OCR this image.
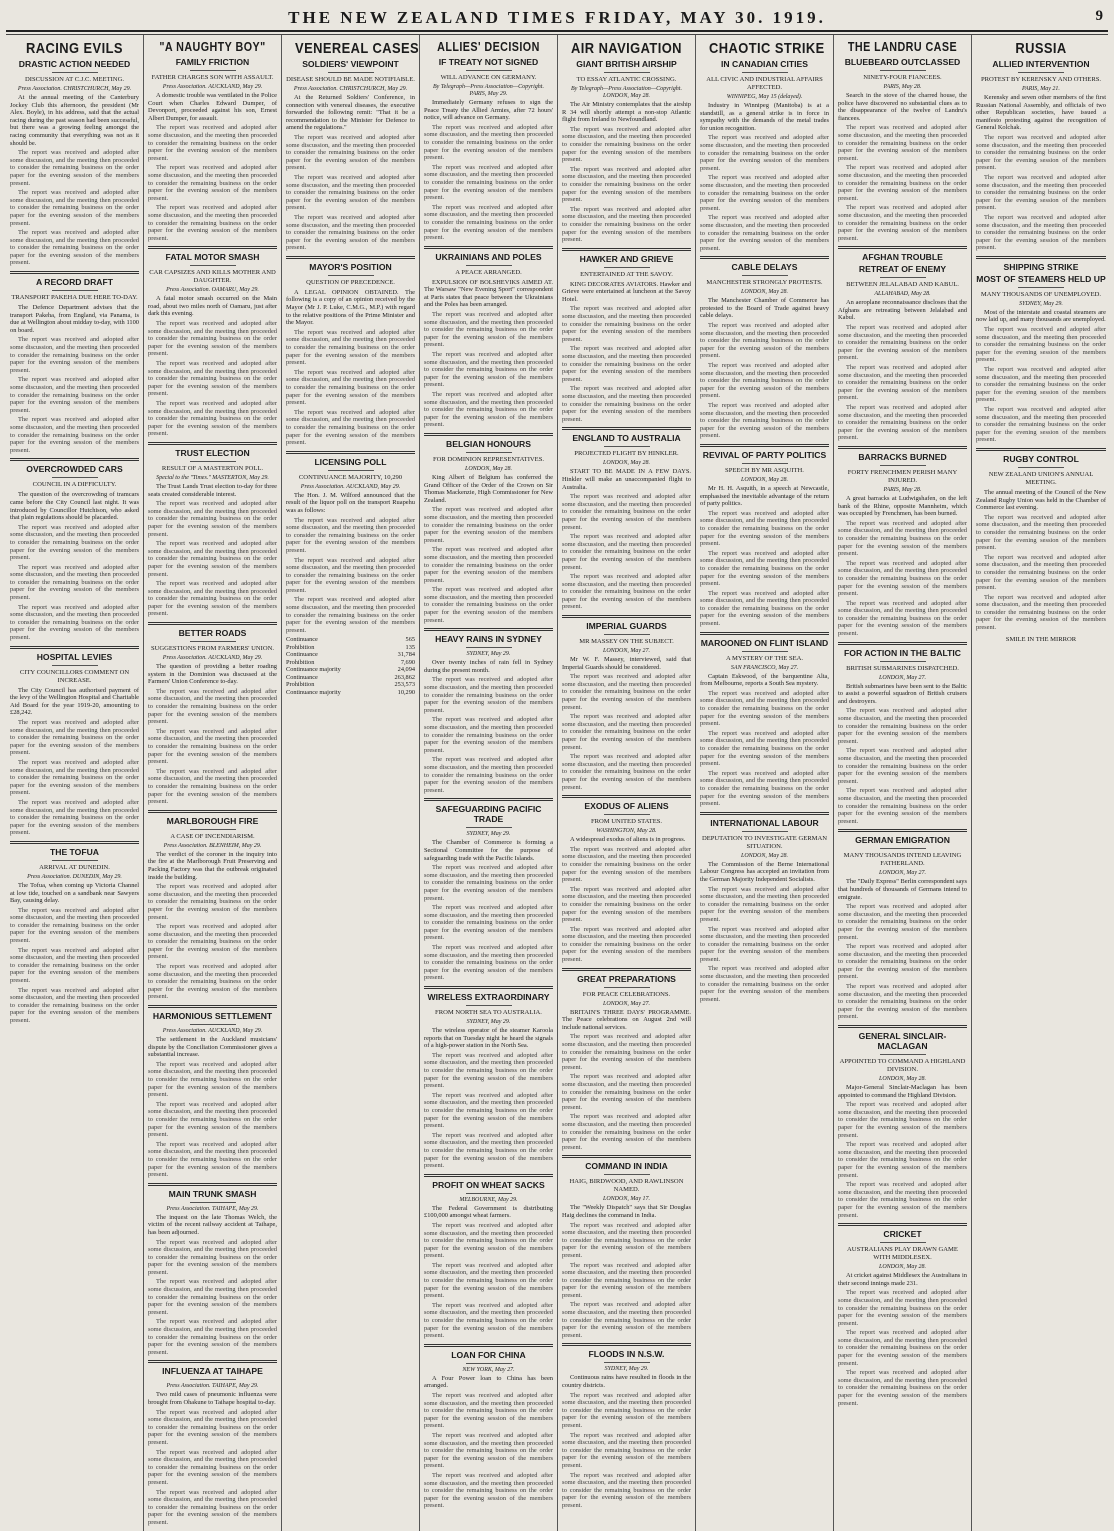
THE NEW ZEALAND TIMES FRIDAY, MAY 30. 1919.	9
RACING EVILS
DRASTIC ACTION NEEDED
DISCUSSION AT C.J.C. MEETING.
Press Association. CHRISTCHURCH, May 29.

At the annual meeting of the Canterbury Jockey Club this afternoon, the president (Mr Alex. Boyle), in his address, said that the actual racing during the past season had been successful, but there was a growing feeling amongst the racing community that everything was not as it should be.

The report was received and adopted after some discussion, and the meeting then proceeded to consider the remaining business on the order paper for the evening session of the members present.

The report was received and adopted after some discussion, and the meeting then proceeded to consider the remaining business on the order paper for the evening session of the members present.

The report was received and adopted after some discussion, and the meeting then proceeded to consider the remaining business on the order paper for the evening session of the members present.

A RECORD DRAFT
TRANSPORT PAKEHA DUE HERE TO-DAY.

The Defence Department advises that the transport Pakeha, from England, via Panama, is due at Wellington about midday to-day, with 1100 on board.

The report was received and adopted after some discussion, and the meeting then proceeded to consider the remaining business on the order paper for the evening session of the members present.

The report was received and adopted after some discussion, and the meeting then proceeded to consider the remaining business on the order paper for the evening session of the members present.

The report was received and adopted after some discussion, and the meeting then proceeded to consider the remaining business on the order paper for the evening session of the members present.

OVERCROWDED CARS
COUNCIL IN A DIFFICULTY.

The question of the overcrowding of tramcars came before the City Council last night. It was introduced by Councillor Hutchison, who asked that plain regulations should be placarded.

The report was received and adopted after some discussion, and the meeting then proceeded to consider the remaining business on the order paper for the evening session of the members present.

The report was received and adopted after some discussion, and the meeting then proceeded to consider the remaining business on the order paper for the evening session of the members present.

The report was received and adopted after some discussion, and the meeting then proceeded to consider the remaining business on the order paper for the evening session of the members present.

HOSPITAL LEVIES
CITY COUNCILLORS COMMENT ON INCREASE.

The City Council has authorised payment of the levy of the Wellington Hospital and Charitable Aid Board for the year 1919-20, amounting to £28,242.

The report was received and adopted after some discussion, and the meeting then proceeded to consider the remaining business on the order paper for the evening session of the members present.

The report was received and adopted after some discussion, and the meeting then proceeded to consider the remaining business on the order paper for the evening session of the members present.

The report was received and adopted after some discussion, and the meeting then proceeded to consider the remaining business on the order paper for the evening session of the members present.

THE TOFUA
ARRIVAL AT DUNEDIN.
Press Association. DUNEDIN, May 29.

The Tofua, when coming up Victoria Channel at low tide, touched on a sandbank near Sawyers Bay, causing delay.

The report was received and adopted after some discussion, and the meeting then proceeded to consider the remaining business on the order paper for the evening session of the members present.

The report was received and adopted after some discussion, and the meeting then proceeded to consider the remaining business on the order paper for the evening session of the members present.

The report was received and adopted after some discussion, and the meeting then proceeded to consider the remaining business on the order paper for the evening session of the members present.

"A NAUGHTY BOY"
FAMILY FRICTION
FATHER CHARGES SON WITH ASSAULT.
Press Association. AUCKLAND, May 29.

A domestic trouble was ventilated in the Police Court when Charles Edward Dumper, of Devonport, proceeded against his son, Ernest Albert Dumper, for assault.

The report was received and adopted after some discussion, and the meeting then proceeded to consider the remaining business on the order paper for the evening session of the members present.

The report was received and adopted after some discussion, and the meeting then proceeded to consider the remaining business on the order paper for the evening session of the members present.

The report was received and adopted after some discussion, and the meeting then proceeded to consider the remaining business on the order paper for the evening session of the members present.

FATAL MOTOR SMASH
CAR CAPSIZES AND KILLS MOTHER AND DAUGHTER.
Press Association. OAMARU, May 29.

A fatal motor smash occurred on the Main road, about two miles north of Oamaru, just after dark this evening.

The report was received and adopted after some discussion, and the meeting then proceeded to consider the remaining business on the order paper for the evening session of the members present.

The report was received and adopted after some discussion, and the meeting then proceeded to consider the remaining business on the order paper for the evening session of the members present.

The report was received and adopted after some discussion, and the meeting then proceeded to consider the remaining business on the order paper for the evening session of the members present.

TRUST ELECTION
RESULT OF A MASTERTON POLL.
Special to the "Times." MASTERTON, May 29.

The Trust Lands Trust election to-day for three seats created considerable interest.

The report was received and adopted after some discussion, and the meeting then proceeded to consider the remaining business on the order paper for the evening session of the members present.

The report was received and adopted after some discussion, and the meeting then proceeded to consider the remaining business on the order paper for the evening session of the members present.

The report was received and adopted after some discussion, and the meeting then proceeded to consider the remaining business on the order paper for the evening session of the members present.

BETTER ROADS
SUGGESTIONS FROM FARMERS' UNION.
Press Association. AUCKLAND, May 29.

The question of providing a better roading system in the Dominion was discussed at the Farmers' Union Conference to-day.

The report was received and adopted after some discussion, and the meeting then proceeded to consider the remaining business on the order paper for the evening session of the members present.

The report was received and adopted after some discussion, and the meeting then proceeded to consider the remaining business on the order paper for the evening session of the members present.

The report was received and adopted after some discussion, and the meeting then proceeded to consider the remaining business on the order paper for the evening session of the members present.

MARLBOROUGH FIRE
A CASE OF INCENDIARISM.
Press Association. BLENHEIM, May 29.

The verdict of the coroner in the inquiry into the fire at the Marlborough Fruit Preserving and Packing Factory was that the outbreak originated inside the building.

The report was received and adopted after some discussion, and the meeting then proceeded to consider the remaining business on the order paper for the evening session of the members present.

The report was received and adopted after some discussion, and the meeting then proceeded to consider the remaining business on the order paper for the evening session of the members present.

The report was received and adopted after some discussion, and the meeting then proceeded to consider the remaining business on the order paper for the evening session of the members present.

HARMONIOUS SETTLEMENT
Press Association. AUCKLAND, May 29.

The settlement in the Auckland musicians' dispute by the Conciliation Commissioner gives a substantial increase.

The report was received and adopted after some discussion, and the meeting then proceeded to consider the remaining business on the order paper for the evening session of the members present.

The report was received and adopted after some discussion, and the meeting then proceeded to consider the remaining business on the order paper for the evening session of the members present.

The report was received and adopted after some discussion, and the meeting then proceeded to consider the remaining business on the order paper for the evening session of the members present.

MAIN TRUNK SMASH
Press Association. TAIHAPE, May 29.

The inquest on the late Thomas Welch, the victim of the recent railway accident at Taihape, has been adjourned.

The report was received and adopted after some discussion, and the meeting then proceeded to consider the remaining business on the order paper for the evening session of the members present.

The report was received and adopted after some discussion, and the meeting then proceeded to consider the remaining business on the order paper for the evening session of the members present.

The report was received and adopted after some discussion, and the meeting then proceeded to consider the remaining business on the order paper for the evening session of the members present.

INFLUENZA AT TAIHAPE
Press Association. TAIHAPE, May 29.

Two mild cases of pneumonic influenza were brought from Ohakune to Taihape hospital to-day.

The report was received and adopted after some discussion, and the meeting then proceeded to consider the remaining business on the order paper for the evening session of the members present.

The report was received and adopted after some discussion, and the meeting then proceeded to consider the remaining business on the order paper for the evening session of the members present.

The report was received and adopted after some discussion, and the meeting then proceeded to consider the remaining business on the order paper for the evening session of the members present.

VENEREAL CASES
SOLDIERS' VIEWPOINT
DISEASE SHOULD BE MADE NOTIFIABLE.
Press Association. CHRISTCHURCH, May 29.

At the Returned Soldiers' Conference, in connection with venereal diseases, the executive forwarded the following remit: "That it be a recommendation to the Minister for Defence to amend the regulations."

The report was received and adopted after some discussion, and the meeting then proceeded to consider the remaining business on the order paper for the evening session of the members present.

The report was received and adopted after some discussion, and the meeting then proceeded to consider the remaining business on the order paper for the evening session of the members present.

The report was received and adopted after some discussion, and the meeting then proceeded to consider the remaining business on the order paper for the evening session of the members present.

MAYOR'S POSITION
QUESTION OF PRECEDENCE.

A LEGAL OPINION OBTAINED. The following is a copy of an opinion received by the Mayor (Mr J. P. Luke, C.M.G., M.P.) with regard to the relative positions of the Prime Minister and the Mayor.

The report was received and adopted after some discussion, and the meeting then proceeded to consider the remaining business on the order paper for the evening session of the members present.

The report was received and adopted after some discussion, and the meeting then proceeded to consider the remaining business on the order paper for the evening session of the members present.

The report was received and adopted after some discussion, and the meeting then proceeded to consider the remaining business on the order paper for the evening session of the members present.

LICENSING POLL
CONTINUANCE MAJORITY, 10,290
Press Association. AUCKLAND, May 29.

The Hon. J. M. Wilford announced that the result of the liquor poll on the transport Ruapehu was as follows:

The report was received and adopted after some discussion, and the meeting then proceeded to consider the remaining business on the order paper for the evening session of the members present.

The report was received and adopted after some discussion, and the meeting then proceeded to consider the remaining business on the order paper for the evening session of the members present.

The report was received and adopted after some discussion, and the meeting then proceeded to consider the remaining business on the order paper for the evening session of the members present.

Continuance	565
Prohibition	135
Continuance	31,784
Prohibition	7,690
Continuance majority	24,094
Continuance	263,862
Prohibition	253,573
Continuance majority	10,290
ALLIES' DECISION
IF TREATY NOT SIGNED
WILL ADVANCE ON GERMANY.
By Telegraph—Press Association—Copyright. PARIS, May 29.

Immediately Germany refuses to sign the Peace Treaty the Allied Armies, after 72 hours' notice, will advance on Germany.

The report was received and adopted after some discussion, and the meeting then proceeded to consider the remaining business on the order paper for the evening session of the members present.

The report was received and adopted after some discussion, and the meeting then proceeded to consider the remaining business on the order paper for the evening session of the members present.

The report was received and adopted after some discussion, and the meeting then proceeded to consider the remaining business on the order paper for the evening session of the members present.

UKRAINIANS AND POLES
A PEACE ARRANGED.

EXPULSION OF BOLSHEVIKS AIMED AT. The Warsaw "New Evening Sport" correspondent at Paris states that peace between the Ukrainians and the Poles has been arranged.

The report was received and adopted after some discussion, and the meeting then proceeded to consider the remaining business on the order paper for the evening session of the members present.

The report was received and adopted after some discussion, and the meeting then proceeded to consider the remaining business on the order paper for the evening session of the members present.

The report was received and adopted after some discussion, and the meeting then proceeded to consider the remaining business on the order paper for the evening session of the members present.

BELGIAN HONOURS
FOR DOMINION REPRESENTATIVES.
LONDON, May 28.

King Albert of Belgium has conferred the Grand Officer of the Order of the Crown on Sir Thomas Mackenzie, High Commissioner for New Zealand.

The report was received and adopted after some discussion, and the meeting then proceeded to consider the remaining business on the order paper for the evening session of the members present.

The report was received and adopted after some discussion, and the meeting then proceeded to consider the remaining business on the order paper for the evening session of the members present.

The report was received and adopted after some discussion, and the meeting then proceeded to consider the remaining business on the order paper for the evening session of the members present.

HEAVY RAINS IN SYDNEY
SYDNEY, May 29.

Over twenty inches of rain fell in Sydney during the present month.

The report was received and adopted after some discussion, and the meeting then proceeded to consider the remaining business on the order paper for the evening session of the members present.

The report was received and adopted after some discussion, and the meeting then proceeded to consider the remaining business on the order paper for the evening session of the members present.

The report was received and adopted after some discussion, and the meeting then proceeded to consider the remaining business on the order paper for the evening session of the members present.

SAFEGUARDING PACIFIC TRADE
SYDNEY, May 29.

The Chamber of Commerce is forming a Sectional Committee for the purpose of safeguarding trade with the Pacific Islands.

The report was received and adopted after some discussion, and the meeting then proceeded to consider the remaining business on the order paper for the evening session of the members present.

The report was received and adopted after some discussion, and the meeting then proceeded to consider the remaining business on the order paper for the evening session of the members present.

The report was received and adopted after some discussion, and the meeting then proceeded to consider the remaining business on the order paper for the evening session of the members present.

WIRELESS EXTRAORDINARY
FROM NORTH SEA TO AUSTRALIA.
SYDNEY, May 29.

The wireless operator of the steamer Karoola reports that on Tuesday night he heard the signals of a high-power station in the North Sea.

The report was received and adopted after some discussion, and the meeting then proceeded to consider the remaining business on the order paper for the evening session of the members present.

The report was received and adopted after some discussion, and the meeting then proceeded to consider the remaining business on the order paper for the evening session of the members present.

The report was received and adopted after some discussion, and the meeting then proceeded to consider the remaining business on the order paper for the evening session of the members present.

PROFIT ON WHEAT SACKS
MELBOURNE, May 29.

The Federal Government is distributing £100,000 amongst wheat farmers.

The report was received and adopted after some discussion, and the meeting then proceeded to consider the remaining business on the order paper for the evening session of the members present.

The report was received and adopted after some discussion, and the meeting then proceeded to consider the remaining business on the order paper for the evening session of the members present.

The report was received and adopted after some discussion, and the meeting then proceeded to consider the remaining business on the order paper for the evening session of the members present.

LOAN FOR CHINA
NEW YORK, May 27.

A Four Power loan to China has been arranged.

The report was received and adopted after some discussion, and the meeting then proceeded to consider the remaining business on the order paper for the evening session of the members present.

The report was received and adopted after some discussion, and the meeting then proceeded to consider the remaining business on the order paper for the evening session of the members present.

The report was received and adopted after some discussion, and the meeting then proceeded to consider the remaining business on the order paper for the evening session of the members present.

AIR NAVIGATION
GIANT BRITISH AIRSHIP
TO ESSAY ATLANTIC CROSSING.
By Telegraph—Press Association—Copyright. LONDON, May 28.

The Air Ministry contemplates that the airship R 34 will shortly attempt a non-stop Atlantic flight from Ireland to Newfoundland.

The report was received and adopted after some discussion, and the meeting then proceeded to consider the remaining business on the order paper for the evening session of the members present.

The report was received and adopted after some discussion, and the meeting then proceeded to consider the remaining business on the order paper for the evening session of the members present.

The report was received and adopted after some discussion, and the meeting then proceeded to consider the remaining business on the order paper for the evening session of the members present.

HAWKER AND GRIEVE
ENTERTAINED AT THE SAVOY.

KING DECORATES AVIATORS. Hawker and Grieve were entertained at luncheon at the Savoy Hotel.

The report was received and adopted after some discussion, and the meeting then proceeded to consider the remaining business on the order paper for the evening session of the members present.

The report was received and adopted after some discussion, and the meeting then proceeded to consider the remaining business on the order paper for the evening session of the members present.

The report was received and adopted after some discussion, and the meeting then proceeded to consider the remaining business on the order paper for the evening session of the members present.

ENGLAND TO AUSTRALIA
PROJECTED FLIGHT BY HINKLER.
LONDON, May 28.

START TO BE MADE IN A FEW DAYS. Hinkler will make an unaccompanied flight to Australia.

The report was received and adopted after some discussion, and the meeting then proceeded to consider the remaining business on the order paper for the evening session of the members present.

The report was received and adopted after some discussion, and the meeting then proceeded to consider the remaining business on the order paper for the evening session of the members present.

The report was received and adopted after some discussion, and the meeting then proceeded to consider the remaining business on the order paper for the evening session of the members present.

IMPERIAL GUARDS
MR MASSEY ON THE SUBJECT.
LONDON, May 27.

Mr W. F. Massey, interviewed, said that Imperial Guards should be considered.

The report was received and adopted after some discussion, and the meeting then proceeded to consider the remaining business on the order paper for the evening session of the members present.

The report was received and adopted after some discussion, and the meeting then proceeded to consider the remaining business on the order paper for the evening session of the members present.

The report was received and adopted after some discussion, and the meeting then proceeded to consider the remaining business on the order paper for the evening session of the members present.

EXODUS OF ALIENS
FROM UNITED STATES.
WASHINGTON, May 28.

A widespread exodus of aliens is in progress.

The report was received and adopted after some discussion, and the meeting then proceeded to consider the remaining business on the order paper for the evening session of the members present.

The report was received and adopted after some discussion, and the meeting then proceeded to consider the remaining business on the order paper for the evening session of the members present.

The report was received and adopted after some discussion, and the meeting then proceeded to consider the remaining business on the order paper for the evening session of the members present.

GREAT PREPARATIONS
FOR PEACE CELEBRATIONS.
LONDON, May 27.

BRITAIN'S THREE DAYS' PROGRAMME. The Peace celebrations on August 2nd will include national services.

The report was received and adopted after some discussion, and the meeting then proceeded to consider the remaining business on the order paper for the evening session of the members present.

The report was received and adopted after some discussion, and the meeting then proceeded to consider the remaining business on the order paper for the evening session of the members present.

The report was received and adopted after some discussion, and the meeting then proceeded to consider the remaining business on the order paper for the evening session of the members present.

COMMAND IN INDIA
HAIG, BIRDWOOD, AND RAWLINSON NAMED.
LONDON, May 17.

The "Weekly Dispatch" says that Sir Douglas Haig declines the command in India.

The report was received and adopted after some discussion, and the meeting then proceeded to consider the remaining business on the order paper for the evening session of the members present.

The report was received and adopted after some discussion, and the meeting then proceeded to consider the remaining business on the order paper for the evening session of the members present.

The report was received and adopted after some discussion, and the meeting then proceeded to consider the remaining business on the order paper for the evening session of the members present.

FLOODS IN N.S.W.
SYDNEY, May 29.

Continuous rains have resulted in floods in the country districts.

The report was received and adopted after some discussion, and the meeting then proceeded to consider the remaining business on the order paper for the evening session of the members present.

The report was received and adopted after some discussion, and the meeting then proceeded to consider the remaining business on the order paper for the evening session of the members present.

The report was received and adopted after some discussion, and the meeting then proceeded to consider the remaining business on the order paper for the evening session of the members present.

CHAOTIC STRIKE
IN CANADIAN CITIES
ALL CIVIC AND INDUSTRIAL AFFAIRS AFFECTED.
WINNIPEG, May 15 (delayed).

Industry in Winnipeg (Manitoba) is at a standstill, as a general strike is in force in sympathy with the demands of the metal trades for union recognition.

The report was received and adopted after some discussion, and the meeting then proceeded to consider the remaining business on the order paper for the evening session of the members present.

The report was received and adopted after some discussion, and the meeting then proceeded to consider the remaining business on the order paper for the evening session of the members present.

The report was received and adopted after some discussion, and the meeting then proceeded to consider the remaining business on the order paper for the evening session of the members present.

CABLE DELAYS
MANCHESTER STRONGLY PROTESTS.
LONDON, May 28.

The Manchester Chamber of Commerce has protested to the Board of Trade against heavy cable delays.

The report was received and adopted after some discussion, and the meeting then proceeded to consider the remaining business on the order paper for the evening session of the members present.

The report was received and adopted after some discussion, and the meeting then proceeded to consider the remaining business on the order paper for the evening session of the members present.

The report was received and adopted after some discussion, and the meeting then proceeded to consider the remaining business on the order paper for the evening session of the members present.

REVIVAL OF PARTY POLITICS
SPEECH BY MR ASQUITH.
LONDON, May 28.

Mr H. H. Asquith, in a speech at Newcastle, emphasised the inevitable advantage of the return of party politics.

The report was received and adopted after some discussion, and the meeting then proceeded to consider the remaining business on the order paper for the evening session of the members present.

The report was received and adopted after some discussion, and the meeting then proceeded to consider the remaining business on the order paper for the evening session of the members present.

The report was received and adopted after some discussion, and the meeting then proceeded to consider the remaining business on the order paper for the evening session of the members present.

MAROONED ON FLINT ISLAND
A MYSTERY OF THE SEA.
SAN FRANCISCO, May 27.

Captain Eskwood, of the barquentine Alta, from Melbourne, reports a South Sea mystery.

The report was received and adopted after some discussion, and the meeting then proceeded to consider the remaining business on the order paper for the evening session of the members present.

The report was received and adopted after some discussion, and the meeting then proceeded to consider the remaining business on the order paper for the evening session of the members present.

The report was received and adopted after some discussion, and the meeting then proceeded to consider the remaining business on the order paper for the evening session of the members present.

INTERNATIONAL LABOUR
DEPUTATION TO INVESTIGATE GERMAN SITUATION.
LONDON, May 28.

The Commission of the Berne International Labour Congress has accepted an invitation from the German Majority Independent Socialists.

The report was received and adopted after some discussion, and the meeting then proceeded to consider the remaining business on the order paper for the evening session of the members present.

The report was received and adopted after some discussion, and the meeting then proceeded to consider the remaining business on the order paper for the evening session of the members present.

The report was received and adopted after some discussion, and the meeting then proceeded to consider the remaining business on the order paper for the evening session of the members present.

THE LANDRU CASE
BLUEBEARD OUTCLASSED
NINETY-FOUR FIANCEES.
PARIS, May 28.

Search in the stove of the charred house, the police have discovered no substantial clues as to the disappearance of the twelve of Landru's fiancees.

The report was received and adopted after some discussion, and the meeting then proceeded to consider the remaining business on the order paper for the evening session of the members present.

The report was received and adopted after some discussion, and the meeting then proceeded to consider the remaining business on the order paper for the evening session of the members present.

The report was received and adopted after some discussion, and the meeting then proceeded to consider the remaining business on the order paper for the evening session of the members present.

AFGHAN TROUBLE
RETREAT OF ENEMY
BETWEEN JELALABAD AND KABUL.
ALLAHABAD, May 28.

An aeroplane reconnaissance discloses that the Afghans are retreating between Jelalabad and Kabul.

The report was received and adopted after some discussion, and the meeting then proceeded to consider the remaining business on the order paper for the evening session of the members present.

The report was received and adopted after some discussion, and the meeting then proceeded to consider the remaining business on the order paper for the evening session of the members present.

The report was received and adopted after some discussion, and the meeting then proceeded to consider the remaining business on the order paper for the evening session of the members present.

BARRACKS BURNED
FORTY FRENCHMEN PERISH MANY INJURED.
PARIS, May 28.

A great barracks at Ludwigshafen, on the left bank of the Rhine, opposite Mannheim, which was occupied by Frenchmen, has been burned.

The report was received and adopted after some discussion, and the meeting then proceeded to consider the remaining business on the order paper for the evening session of the members present.

The report was received and adopted after some discussion, and the meeting then proceeded to consider the remaining business on the order paper for the evening session of the members present.

The report was received and adopted after some discussion, and the meeting then proceeded to consider the remaining business on the order paper for the evening session of the members present.

FOR ACTION IN THE BALTIC
BRITISH SUBMARINES DISPATCHED.
LONDON, May 27.

British submarines have been sent to the Baltic to assist a powerful squadron of British cruisers and destroyers.

The report was received and adopted after some discussion, and the meeting then proceeded to consider the remaining business on the order paper for the evening session of the members present.

The report was received and adopted after some discussion, and the meeting then proceeded to consider the remaining business on the order paper for the evening session of the members present.

The report was received and adopted after some discussion, and the meeting then proceeded to consider the remaining business on the order paper for the evening session of the members present.

GERMAN EMIGRATION
MANY THOUSANDS INTEND LEAVING FATHERLAND.
LONDON, May 27.

The "Daily Express" Berlin correspondent says that hundreds of thousands of Germans intend to emigrate.

The report was received and adopted after some discussion, and the meeting then proceeded to consider the remaining business on the order paper for the evening session of the members present.

The report was received and adopted after some discussion, and the meeting then proceeded to consider the remaining business on the order paper for the evening session of the members present.

The report was received and adopted after some discussion, and the meeting then proceeded to consider the remaining business on the order paper for the evening session of the members present.

GENERAL SINCLAIR-MACLAGAN
APPOINTED TO COMMAND A HIGHLAND DIVISION.
LONDON, May 28.

Major-General Sinclair-Maclagan has been appointed to command the Highland Division.

The report was received and adopted after some discussion, and the meeting then proceeded to consider the remaining business on the order paper for the evening session of the members present.

The report was received and adopted after some discussion, and the meeting then proceeded to consider the remaining business on the order paper for the evening session of the members present.

The report was received and adopted after some discussion, and the meeting then proceeded to consider the remaining business on the order paper for the evening session of the members present.

CRICKET
AUSTRALIANS PLAY DRAWN GAME WITH MIDDLESEX.
LONDON, May 28.

At cricket against Middlesex the Australians in their second innings made 231.

The report was received and adopted after some discussion, and the meeting then proceeded to consider the remaining business on the order paper for the evening session of the members present.

The report was received and adopted after some discussion, and the meeting then proceeded to consider the remaining business on the order paper for the evening session of the members present.

The report was received and adopted after some discussion, and the meeting then proceeded to consider the remaining business on the order paper for the evening session of the members present.

RUSSIA
ALLIED INTERVENTION
PROTEST BY KERENSKY AND OTHERS.
PARIS, May 21.

Kerensky and seven other members of the first Russian National Assembly, and officials of two other Republican societies, have issued a manifesto protesting against the recognition of General Kolchak.

The report was received and adopted after some discussion, and the meeting then proceeded to consider the remaining business on the order paper for the evening session of the members present.

The report was received and adopted after some discussion, and the meeting then proceeded to consider the remaining business on the order paper for the evening session of the members present.

The report was received and adopted after some discussion, and the meeting then proceeded to consider the remaining business on the order paper for the evening session of the members present.

SHIPPING STRIKE
MOST OF STEAMERS HELD UP
MANY THOUSANDS OF UNEMPLOYED.
SYDNEY, May 29.

Most of the interstate and coastal steamers are now laid up, and many thousands are unemployed.

The report was received and adopted after some discussion, and the meeting then proceeded to consider the remaining business on the order paper for the evening session of the members present.

The report was received and adopted after some discussion, and the meeting then proceeded to consider the remaining business on the order paper for the evening session of the members present.

The report was received and adopted after some discussion, and the meeting then proceeded to consider the remaining business on the order paper for the evening session of the members present.

RUGBY CONTROL
NEW ZEALAND UNION'S ANNUAL MEETING.

The annual meeting of the Council of the New Zealand Rugby Union was held in the Chamber of Commerce last evening.

The report was received and adopted after some discussion, and the meeting then proceeded to consider the remaining business on the order paper for the evening session of the members present.

The report was received and adopted after some discussion, and the meeting then proceeded to consider the remaining business on the order paper for the evening session of the members present.

The report was received and adopted after some discussion, and the meeting then proceeded to consider the remaining business on the order paper for the evening session of the members present.

SMILE IN THE MIRROR
